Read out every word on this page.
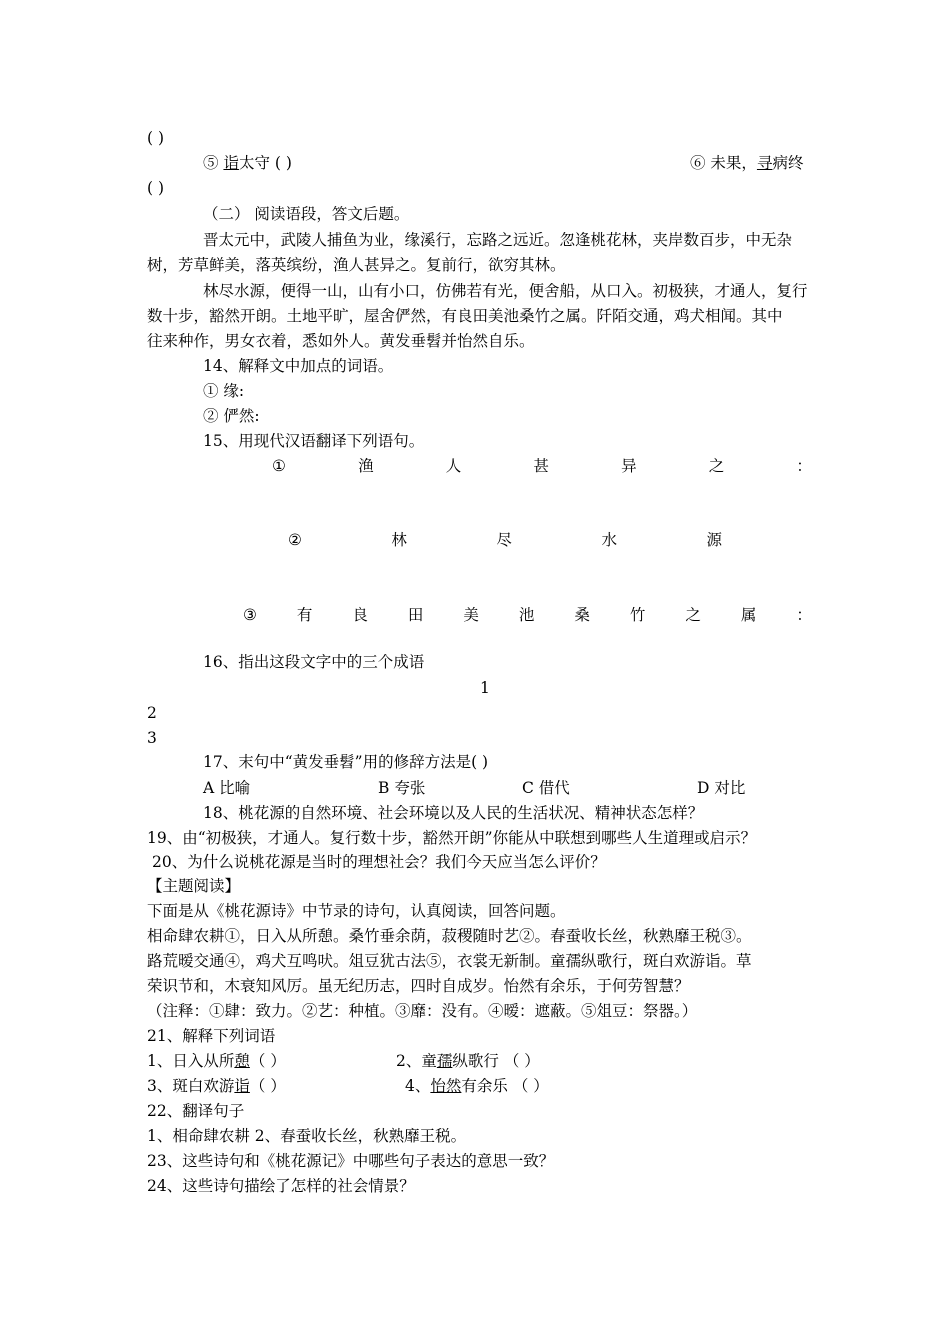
( )
⑤ 诣太守 ( )	⑥ 未果，寻病终
( )
（二） 阅读语段，答文后题。
晋太元中，武陵人捕鱼为业，缘溪行，忘路之远近。忽逢桃花林，夹岸数百步，中无杂
树，芳草鲜美，落英缤纷，渔人甚异之。复前行，欲穷其林。
林尽水源，便得一山，山有小口，仿佛若有光，便舍船，从口入。初极狭，才通人，复行
数十步，豁然开朗。土地平旷，屋舍俨然，有良田美池桑竹之属。阡陌交通，鸡犬相闻。其中
往来种作，男女衣着，悉如外人。黄发垂髫并怡然自乐。
14、解释文中加点的词语。
① 缘:
② 俨然:
15、用现代汉语翻译下列语句。
①	渔	人	甚	异	之	：
②	林	尽	水	源
③	有	良	田	美	池	桑	竹	之	属	：
16、指出这段文字中的三个成语
1
2
3
17、末句中“黄发垂髫”用的修辞方法是( )
A 比喻	B 夸张	C 借代	D 对比
18、桃花源的自然环境、社会环境以及人民的生活状况、精神状态怎样？
19、由“初极狭，才通人。复行数十步，豁然开朗”你能从中联想到哪些人生道理或启示？
20、为什么说桃花源是当时的理想社会？我们今天应当怎么评价？
【主题阅读】
下面是从《桃花源诗》中节录的诗句，认真阅读，回答问题。
相命肆农耕①，日入从所憩。桑竹垂余荫，菽稷随时艺②。春蚕收长丝，秋熟靡王税③。
路荒暧交通④，鸡犬互鸣吠。俎豆犹古法⑤，衣裳无新制。童孺纵歌行，斑白欢游诣。草
荣识节和，木衰知风厉。虽无纪历志，四时自成岁。怡然有余乐，于何劳智慧？
（注释：①肆：致力。②艺：种植。③靡：没有。④暧：遮蔽。⑤俎豆：祭器。）
21、解释下列词语
1、日入从所憩（ ）	2、童孺纵歌行 （ ）
3、斑白欢游诣（ ）	4、怡然有余乐 （ ）
22、翻译句子
1、相命肆农耕 2、春蚕收长丝，秋熟靡王税。
23、这些诗句和《桃花源记》中哪些句子表达的意思一致？
24、这些诗句描绘了怎样的社会情景？
